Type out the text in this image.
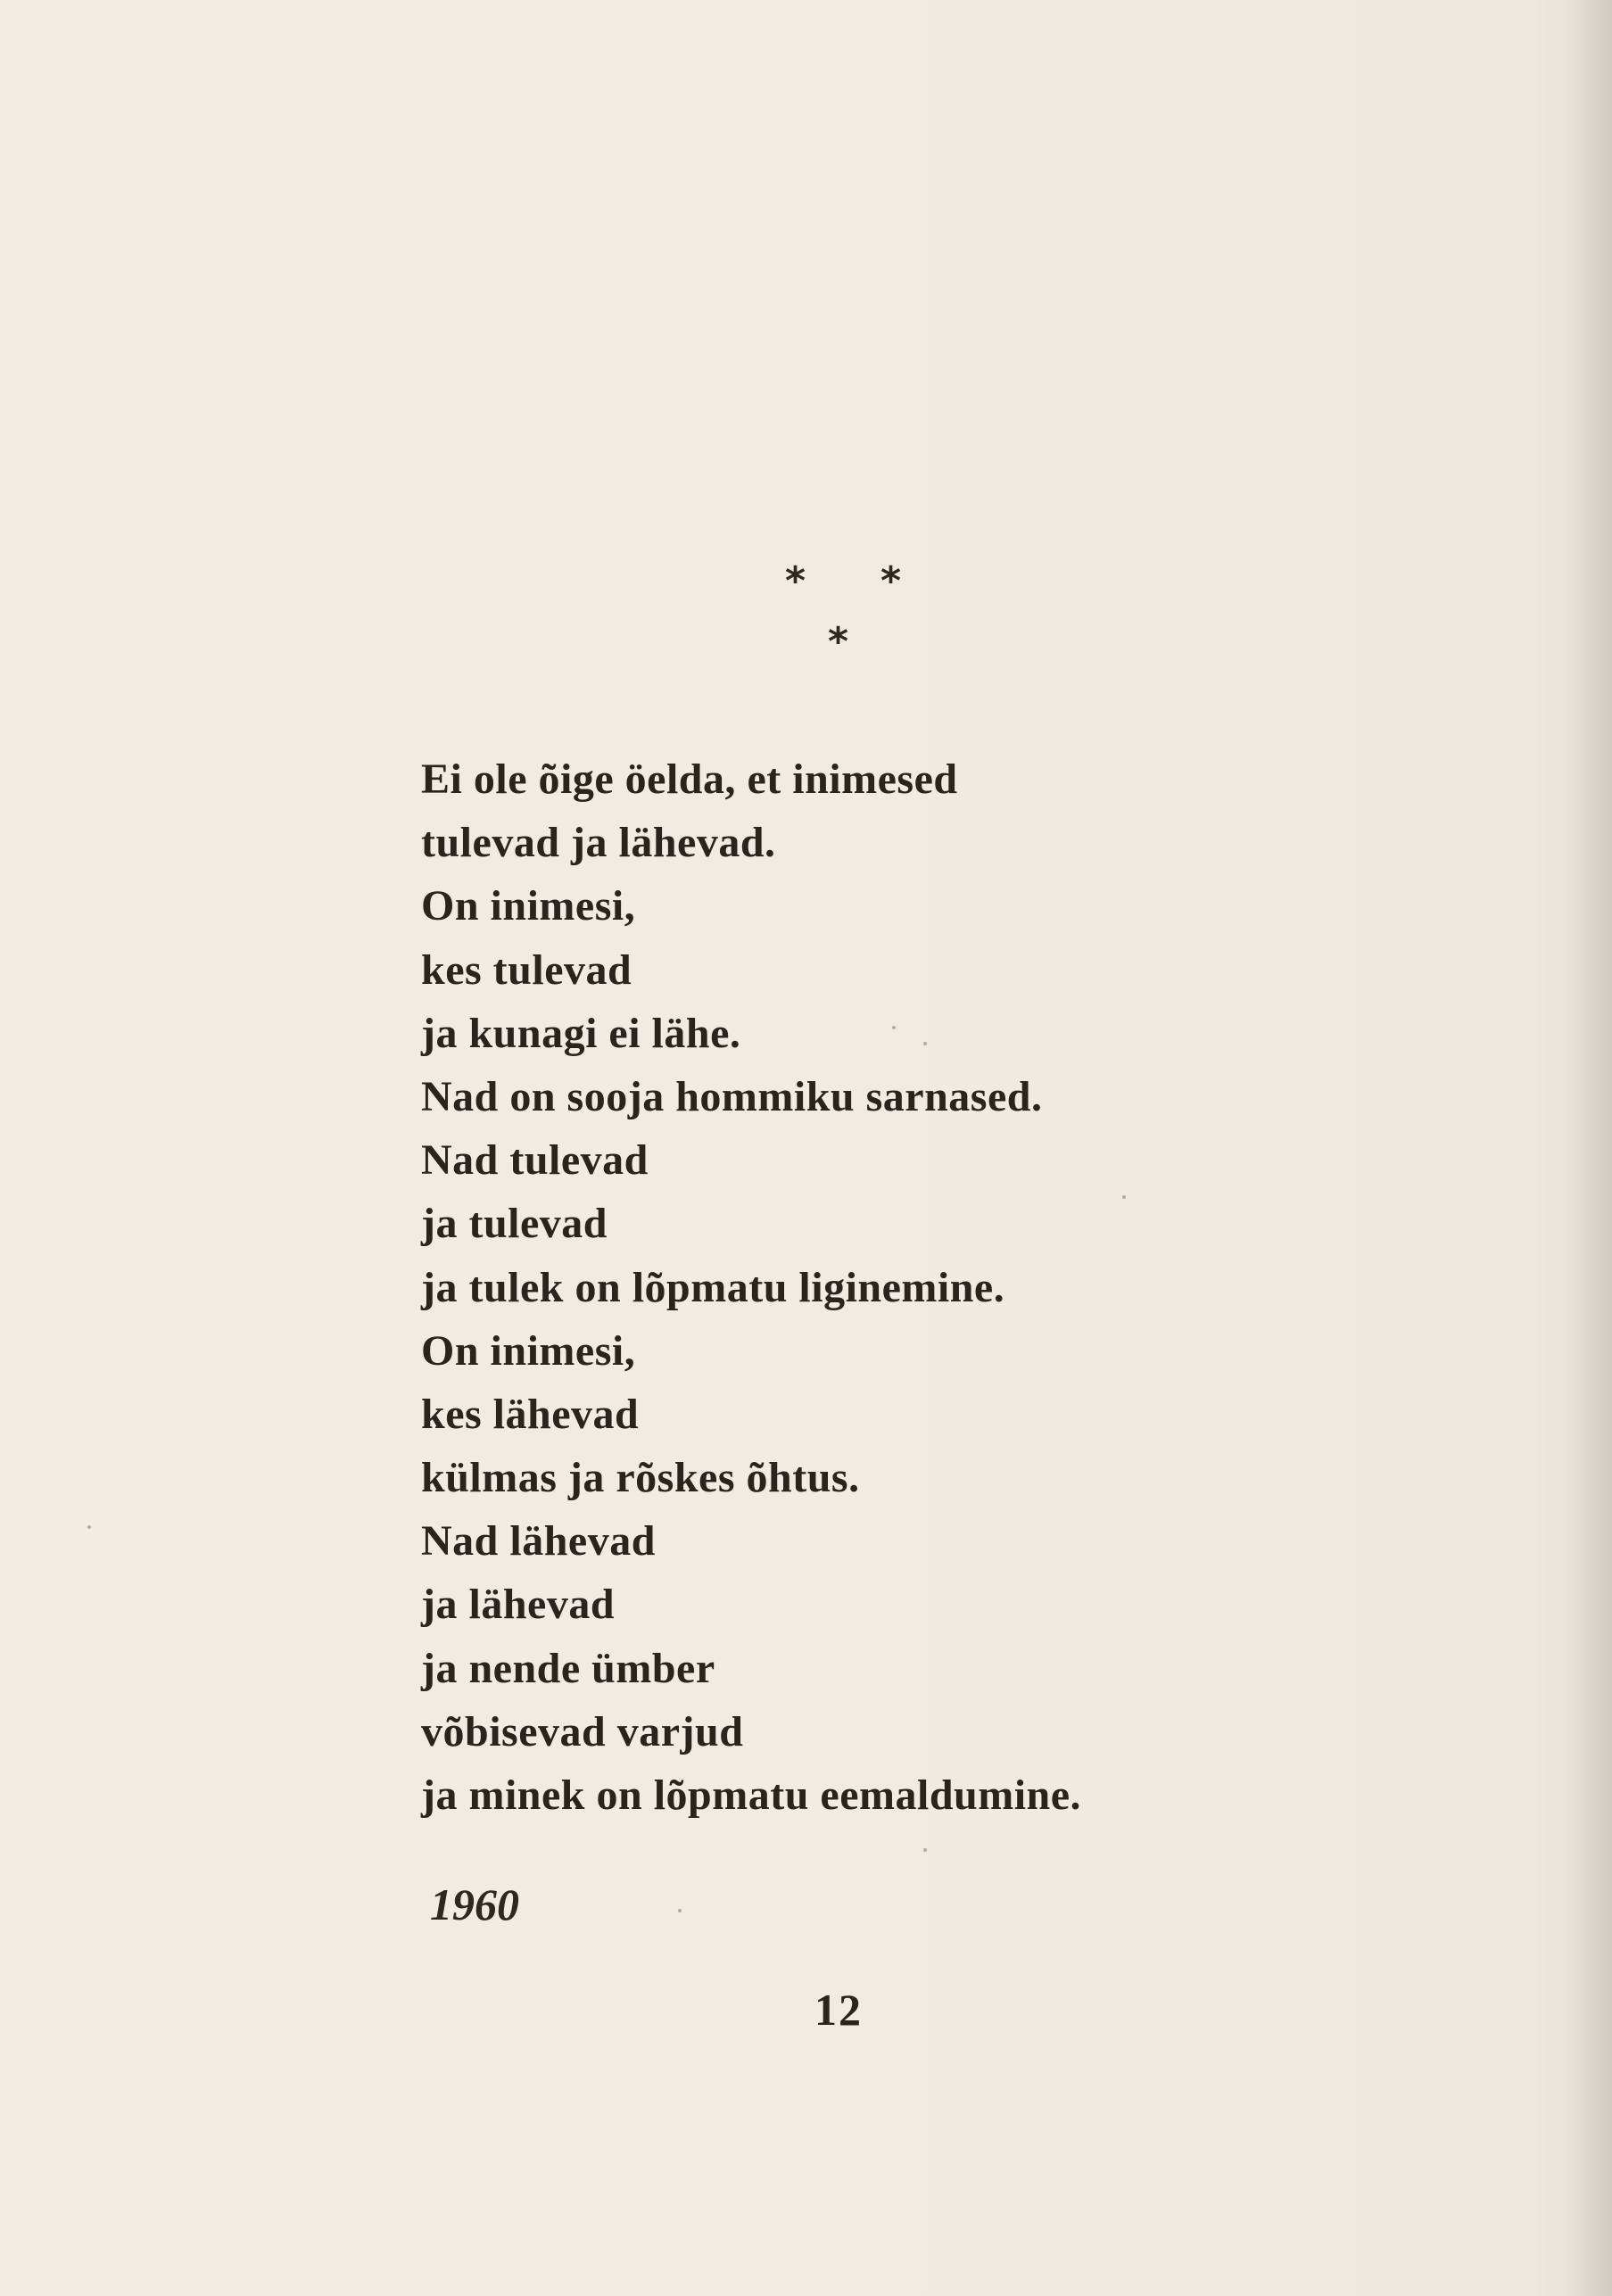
* *
*
Ei ole õige öelda, et inimesed
tulevad ja lähevad.
On inimesi,
kes tulevad
ja kunagi ei lähe.
Nad on sooja hommiku sarnased.
Nad tulevad
ja tulevad
ja tulek on lõpmatu liginemine.
On inimesi,
kes lähevad
külmas ja rõskes õhtus.
Nad lähevad
ja lähevad
ja nende ümber
võbisevad varjud
ja minek on lõpmatu eemaldumine.
1960
12
